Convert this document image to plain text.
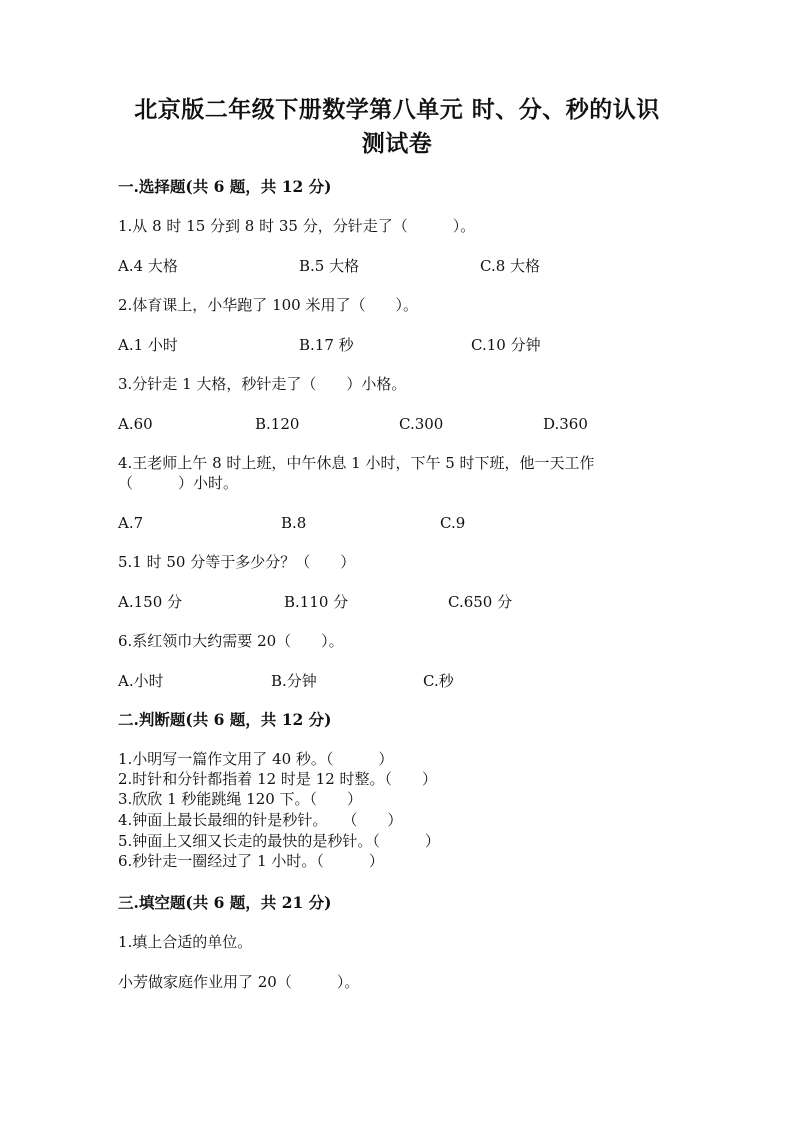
北京版二年级下册数学第八单元 时、分、秒的认识
测试卷
一.选择题(共 6 题，共 12 分)
1.从 8 时 15 分到 8 时 35 分，分针走了（　　　）。
A.4 大格	B.5 大格	C.8 大格
2.体育课上，小华跑了 100 米用了（　　）。
A.1 小时	B.17 秒	C.10 分钟
3.分针走 1 大格，秒针走了（　　）小格。
A.60	B.120	C.300	D.360
4.王老师上午 8 时上班，中午休息 1 小时，下午 5 时下班，他一天工作
（　　　）小时。
A.7	B.8	C.9
5.1 时 50 分等于多少分？（　　）
A.150 分	B.110 分	C.650 分
6.系红领巾大约需要 20（　　）。
A.小时	B.分钟	C.秒
二.判断题(共 6 题，共 12 分)
1.小明写一篇作文用了 40 秒。（　　　）
2.时针和分针都指着 12 时是 12 时整。（　　）
3.欣欣 1 秒能跳绳 120 下。（　　）
4.钟面上最长最细的针是秒针。　　（　　）
5.钟面上又细又长走的最快的是秒针。（　　　）
6.秒针走一圈经过了 1 小时。（　　　）
三.填空题(共 6 题，共 21 分)
1.填上合适的单位。
小芳做家庭作业用了 20（　　　）。
